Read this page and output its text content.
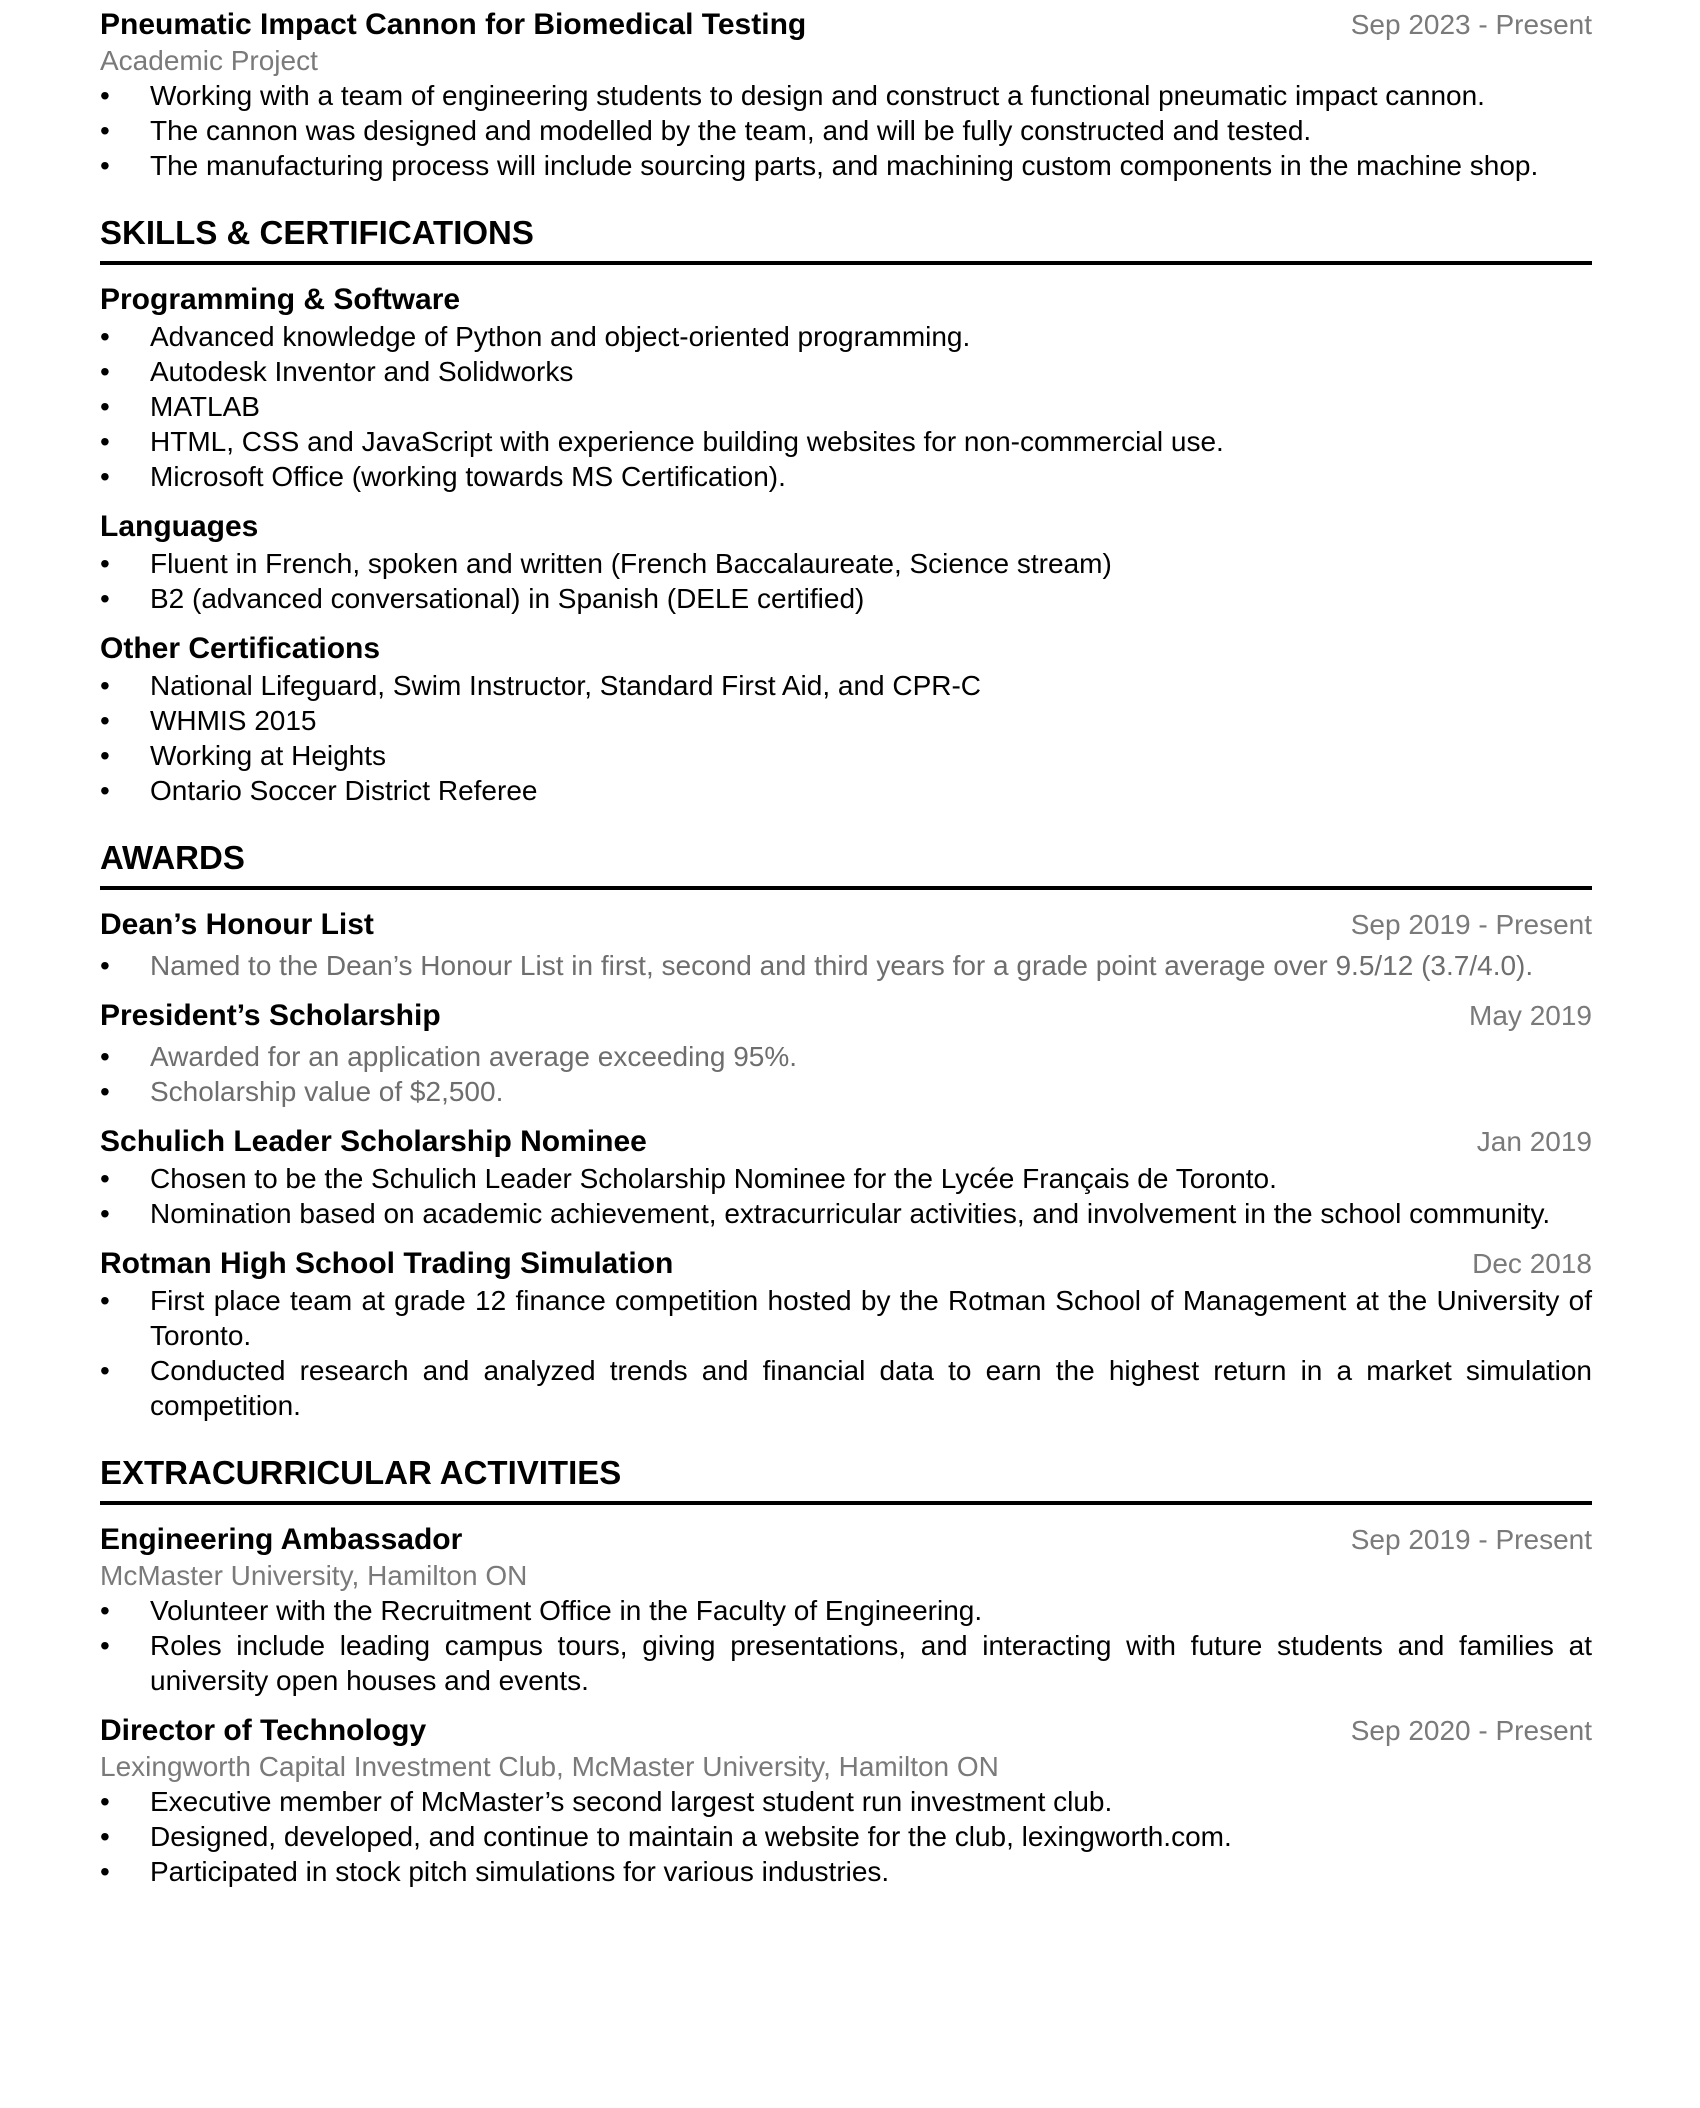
Pneumatic Impact Cannon for Biomedical Testing	Sep 2023 - Present
Academic Project
• Working with a team of engineering students to design and construct a functional pneumatic impact cannon.
• The cannon was designed and modelled by the team, and will be fully constructed and tested.
• The manufacturing process will include sourcing parts, and machining custom components in the machine shop.
SKILLS & CERTIFICATIONS
Programming & Software
• Advanced knowledge of Python and object-oriented programming.
• Autodesk Inventor and Solidworks
• MATLAB
• HTML, CSS and JavaScript with experience building websites for non-commercial use.
• Microsoft Office (working towards MS Certification).
Languages
• Fluent in French, spoken and written (French Baccalaureate, Science stream)
• B2 (advanced conversational) in Spanish (DELE certified)
Other Certifications
• National Lifeguard, Swim Instructor, Standard First Aid, and CPR-C
• WHMIS 2015
• Working at Heights
• Ontario Soccer District Referee
AWARDS
Dean’s Honour List	Sep 2019 - Present
• Named to the Dean’s Honour List in first, second and third years for a grade point average over 9.5/12 (3.7/4.0).
President’s Scholarship	May 2019
• Awarded for an application average exceeding 95%.
• Scholarship value of $2,500.
Schulich Leader Scholarship Nominee	Jan 2019
• Chosen to be the Schulich Leader Scholarship Nominee for the Lycée Français de Toronto.
• Nomination based on academic achievement, extracurricular activities, and involvement in the school community.
Rotman High School Trading Simulation	Dec 2018
• First place team at grade 12 finance competition hosted by the Rotman School of Management at the University of Toronto.
• Conducted research and analyzed trends and financial data to earn the highest return in a market simulation competition.
EXTRACURRICULAR ACTIVITIES
Engineering Ambassador	Sep 2019 - Present
McMaster University, Hamilton ON
• Volunteer with the Recruitment Office in the Faculty of Engineering.
• Roles include leading campus tours, giving presentations, and interacting with future students and families at university open houses and events.
Director of Technology	Sep 2020 - Present
Lexingworth Capital Investment Club, McMaster University, Hamilton ON
• Executive member of McMaster’s second largest student run investment club.
• Designed, developed, and continue to maintain a website for the club, lexingworth.com.
• Participated in stock pitch simulations for various industries.
